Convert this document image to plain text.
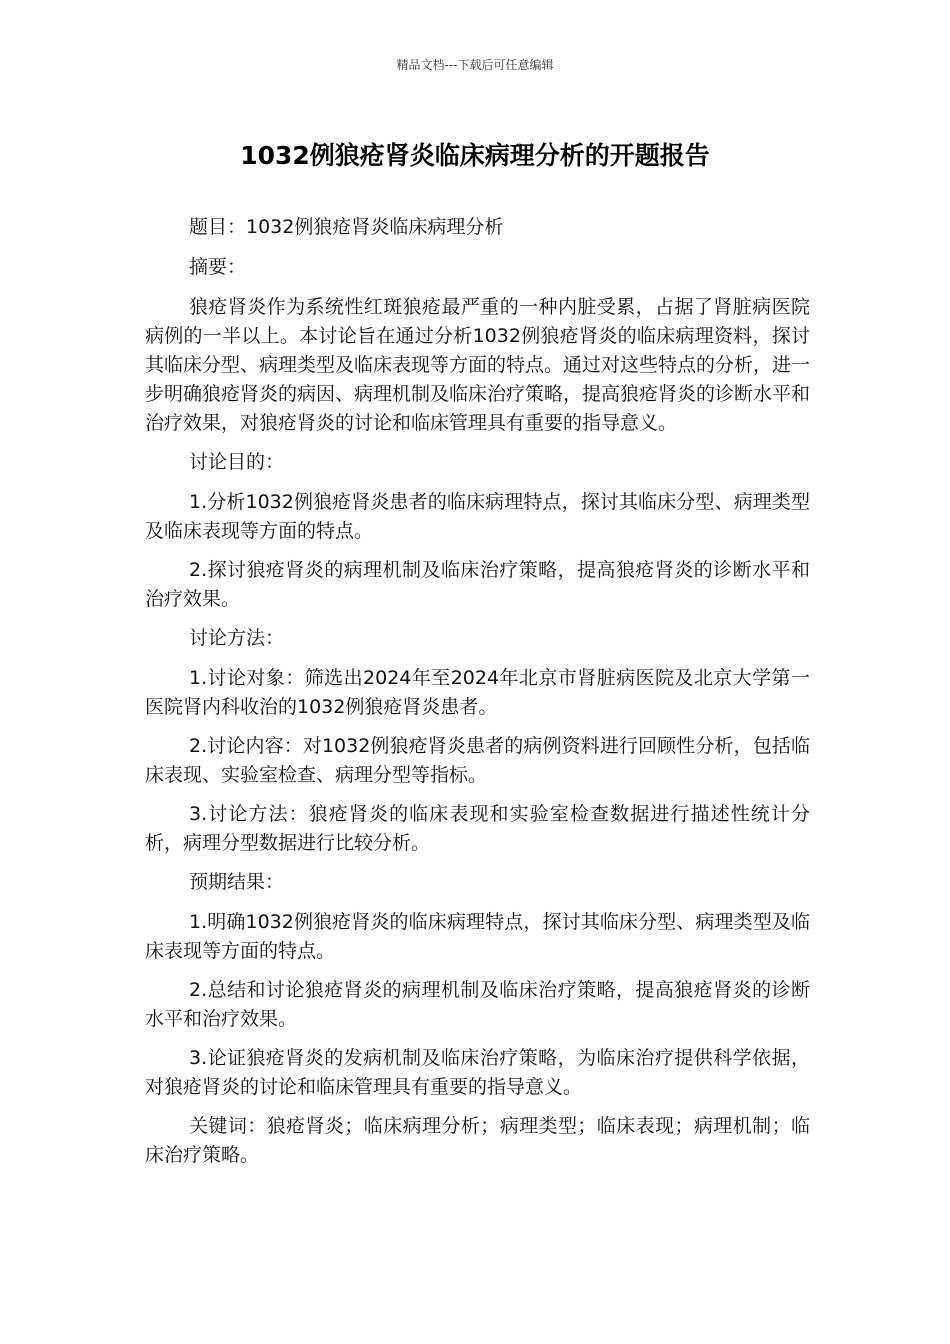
精品文档---下载后可任意编辑
1032例狼疮肾炎临床病理分析的开题报告

题目：1032例狼疮肾炎临床病理分析

摘要：

狼疮肾炎作为系统性红斑狼疮最严重的一种内脏受累，占据了肾脏病医院病例的一半以上。本讨论旨在通过分析1032例狼疮肾炎的临床病理资料，探讨其临床分型、病理类型及临床表现等方面的特点。通过对这些特点的分析，进一步明确狼疮肾炎的病因、病理机制及临床治疗策略，提高狼疮肾炎的诊断水平和治疗效果，对狼疮肾炎的讨论和临床管理具有重要的指导意义。

讨论目的：

1.分析1032例狼疮肾炎患者的临床病理特点，探讨其临床分型、病理类型及临床表现等方面的特点。

2.探讨狼疮肾炎的病理机制及临床治疗策略，提高狼疮肾炎的诊断水平和治疗效果。

讨论方法：

1.讨论对象：筛选出2024年至2024年北京市肾脏病医院及北京大学第一医院肾内科收治的1032例狼疮肾炎患者。

2.讨论内容：对1032例狼疮肾炎患者的病例资料进行回顾性分析，包括临床表现、实验室检查、病理分型等指标。

3.讨论方法：狼疮肾炎的临床表现和实验室检查数据进行描述性统计分析，病理分型数据进行比较分析。

预期结果：

1.明确1032例狼疮肾炎的临床病理特点，探讨其临床分型、病理类型及临床表现等方面的特点。

2.总结和讨论狼疮肾炎的病理机制及临床治疗策略，提高狼疮肾炎的诊断水平和治疗效果。

3.论证狼疮肾炎的发病机制及临床治疗策略，为临床治疗提供科学依据，对狼疮肾炎的讨论和临床管理具有重要的指导意义。

关键词：狼疮肾炎；临床病理分析；病理类型；临床表现；病理机制；临床治疗策略。
